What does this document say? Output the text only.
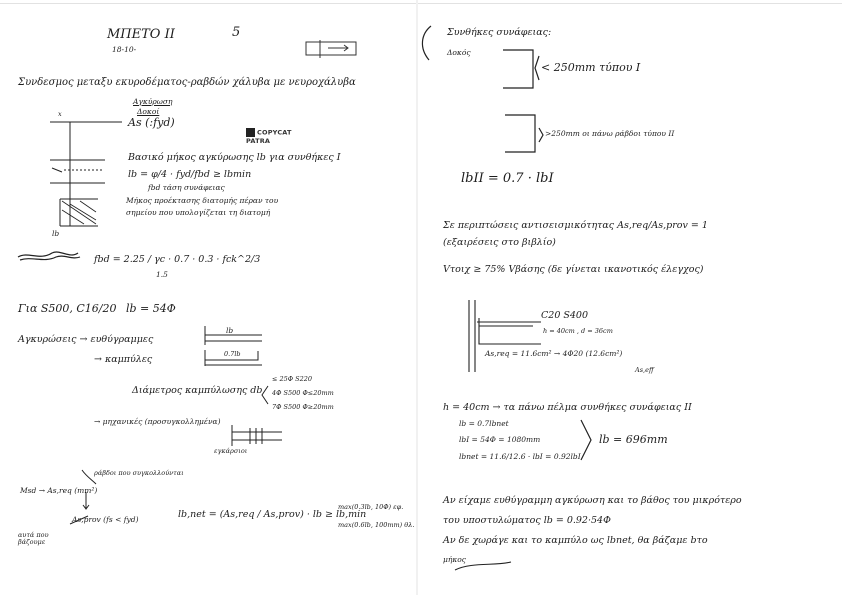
ΜΠΕΤΟ ΙΙ	5
18-10-
Συνδεσμος μεταξυ εκυροδέματος-ραβδών χάλυβα με νευροχάλυβα
Αγκύρωση
Δοκοί
As (:fyd)
x
COPYCAT PATRA
Βασικό μήκος αγκύρωσης lb για συνθήκες Ι
lb = φ/4 · fyd/fbd ≥ lbmin
fbd τάση συνάφειας
Μήκος προέκτασης διατομής πέραν του
σημείου που υπολογίζεται τη διατομή
lb
fbd = 2.25 / γc · 0.7 · 0.3 · fck^2/3
1.5
Για S500, C16/20 lb = 54Φ
Αγκυρώσεις → ευθύγραμμες
→ καμπύλες
lb
0.7lb
Διάμετρος καμπύλωσης db
≤ 25Φ S220
4Φ S500 Φ≤20mm
7Φ S500 Φ≥20mm
→ μηχανικές (προσυγκολλημένα)
εγκάρσιοι
ράβδοι που συγκολλούνται
Msd → As,req (mm²)
As,prov (fs < fyd)	lb,net = (As,req / As,prov) · lb ≥ lb,min
max(0.3lb, 10Φ) εφ.
max(0.6lb, 100mm) θλ.
αυτά που βάζουμε
Συνθήκες συνάφειας:
Δοκός
< 250mm τύπου Ι
>250mm οι πάνω ράβδοι τύπου ΙΙ
lbΙΙ = 0.7 · lbΙ
Σε περιπτώσεις αντισεισμικότητας As,req/As,prov = 1
(εξαιρέσεις στο βιβλίο)
Vτοιχ ≥ 75% Vβάσης (δε γίνεται ικανοτικός έλεγχος)
C20 S400
h = 40cm , d = 36cm
As,req = 11.6cm² → 4Φ20 (12.6cm²)
As,eff
h = 40cm → τα πάνω πέλμα συνθήκες συνάφειας ΙΙ
lb = 0.7lbnet
lbΙ = 54Φ = 1080mm
lbnet = 11.6/12.6 · lbΙ = 0.92lbΙ
lb = 696mm
Αν είχαμε ευθύγραμμη αγκύρωση και το βάθος του μικρότερο
του υποστυλώματος lb = 0.92·54Φ
Αν δε χωράγε και το καμπύλο ως lbnet, θα βάζαμε bτο
μήκος
